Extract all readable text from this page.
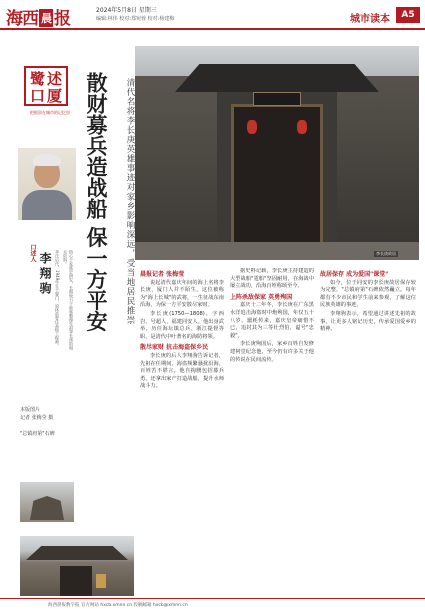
海西 晨 报	2024年5月8日 星期三
编辑:林伟 校对:郑宛蓉 校对:杨建梅	城市读本	A5
鹭 述
口 厦
把根留在城市的记忆里
口述人 李翔驹 李氏后代，1949年生于厦门，退休前曾任高级工程师。	热心于家族史研究，长期致力于收集整理先祖李长庚的相关资料。 散财募兵造战船 保一方平安 清代名将李长庚英雄事迹对家乡影响深远，受当地居民推崇	李长庚故居
本版图片
记者 张梅莹 摄
"总镇府第"石碑

晨报记者 张梅莹

说起清代嘉庆年间的海上名将李长庚，厦门人并不陌生。这位被称为"海上长城"的武将，一生征战东南沿海，为保一方平安散尽家财。

李长庚(1750—1808)，字西岩，号超人，福建同安人。他出身武举，历任海坛镇总兵、浙江提督等职，是清代中叶著名的海防将领。

散尽家财 抗击海盗保乡民

李长庚的后人李翔驹告诉记者，先祖在任期间，海盗频繁骚扰沿海，百姓苦不堪言。他自掏腰包招募兵勇，还拿出家产打造战船，提升水师战斗力。

据史料记载，李长庚主持建造的大型战船"霆船"坚固耐用，在海战中屡立战功，沿海百姓称颂至今。

上阵杀敌保家 英勇殉国

嘉庆十二年冬，李长庚在广东黑水洋追击海盗时中炮殉国，年仅五十八岁。噩耗传来，嘉庆皇帝痛惜不已，追封其为三等壮烈伯，谥号"忠毅"。

李长庚殉国后，家乡百姓自发修建祠堂纪念他，至今仍有许多关于他的传说在民间流传。

故居保存 成为爱国"课堂"

如今，位于同安的李长庚故居保存较为完整，"总镇府第"石碑依然矗立。每年都有不少市民和学生前来参观，了解这位民族英雄的事迹。

李翔驹表示，希望通过讲述先祖的故事，让更多人铭记历史，传承爱国爱乡的精神。

海西晨报数字报 官方网站 hxcb.xmnn.cn 投稿邮箱 hxcb@xmnn.cn
